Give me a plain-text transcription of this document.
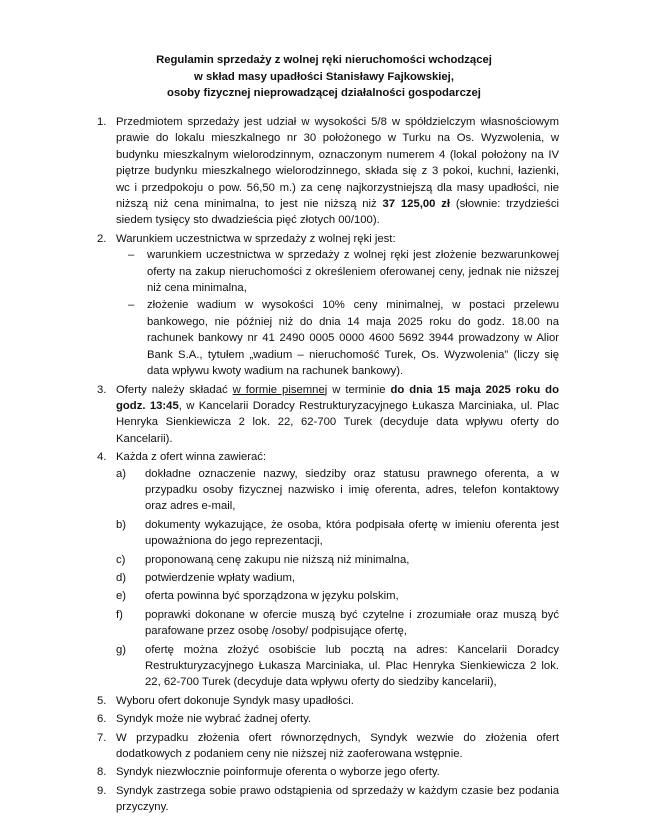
Regulamin sprzedaży z wolnej ręki nieruchomości wchodzącej
w skład masy upadłości Stanisławy Fajkowskiej,
osoby fizycznej nieprowadzącej działalności gospodarczej
1. Przedmiotem sprzedaży jest udział w wysokości 5/8 w spółdzielczym własnościowym prawie do lokalu mieszkalnego nr 30 położonego w Turku na Os. Wyzwolenia, w budynku mieszkalnym wielorodzinnym, oznaczonym numerem 4 (lokal położony na IV piętrze budynku mieszkalnego wielorodzinnego, składa się z 3 pokoi, kuchni, łazienki, wc i przedpokoju o pow. 56,50 m.) za cenę najkorzystniejszą dla masy upadłości, nie niższą niż cena minimalna, to jest nie niższą niż 37 125,00 zł (słownie: trzydzieści siedem tysięcy sto dwadzieścia pięć złotych 00/100).
2. Warunkiem uczestnictwa w sprzedaży z wolnej ręki jest:
– warunkiem uczestnictwa w sprzedaży z wolnej ręki jest złożenie bezwarunkowej oferty na zakup nieruchomości z określeniem oferowanej ceny, jednak nie niższej niż cena minimalna,
– złożenie wadium w wysokości 10% ceny minimalnej, w postaci przelewu bankowego, nie później niż do dnia 14 maja 2025 roku do godz. 18.00 na rachunek bankowy nr 41 2490 0005 0000 4600 5692 3944 prowadzony w Alior Bank S.A., tytułem „wadium – nieruchomość Turek, Os. Wyzwolenia” (liczy się data wpływu kwoty wadium na rachunek bankowy).
3. Oferty należy składać w formie pisemnej w terminie do dnia 15 maja 2025 roku do godz. 13:45, w Kancelarii Doradcy Restrukturyzacyjnego Łukasza Marciniaka, ul. Plac Henryka Sienkiewicza 2 lok. 22, 62-700 Turek (decyduje data wpływu oferty do Kancelarii).
4. Każda z ofert winna zawierać:
a) dokładne oznaczenie nazwy, siedziby oraz statusu prawnego oferenta, a w przypadku osoby fizycznej nazwisko i imię oferenta, adres, telefon kontaktowy oraz adres e-mail,
b) dokumenty wykazujące, że osoba, która podpisała ofertę w imieniu oferenta jest upoważniona do jego reprezentacji,
c) proponowaną cenę zakupu nie niższą niż minimalna,
d) potwierdzenie wpłaty wadium,
e) oferta powinna być sporządzona w języku polskim,
f) poprawki dokonane w ofercie muszą być czytelne i zrozumiałe oraz muszą być parafowane przez osobę /osoby/ podpisujące ofertę,
g) ofertę można złożyć osobiście lub pocztą na adres: Kancelarii Doradcy Restrukturyzacyjnego Łukasza Marciniaka, ul. Plac Henryka Sienkiewicza 2 lok. 22, 62-700 Turek (decyduje data wpływu oferty do siedziby kancelarii),
5. Wyboru ofert dokonuje Syndyk masy upadłości.
6. Syndyk może nie wybrać żadnej oferty.
7. W przypadku złożenia ofert równorzędnych, Syndyk wezwie do złożenia ofert dodatkowych z podaniem ceny nie niższej niż zaoferowana wstępnie.
8. Syndyk niezwłocznie poinformuje oferenta o wyborze jego oferty.
9. Syndyk zastrzega sobie prawo odstąpienia od sprzedaży w każdym czasie bez podania przyczyny.
